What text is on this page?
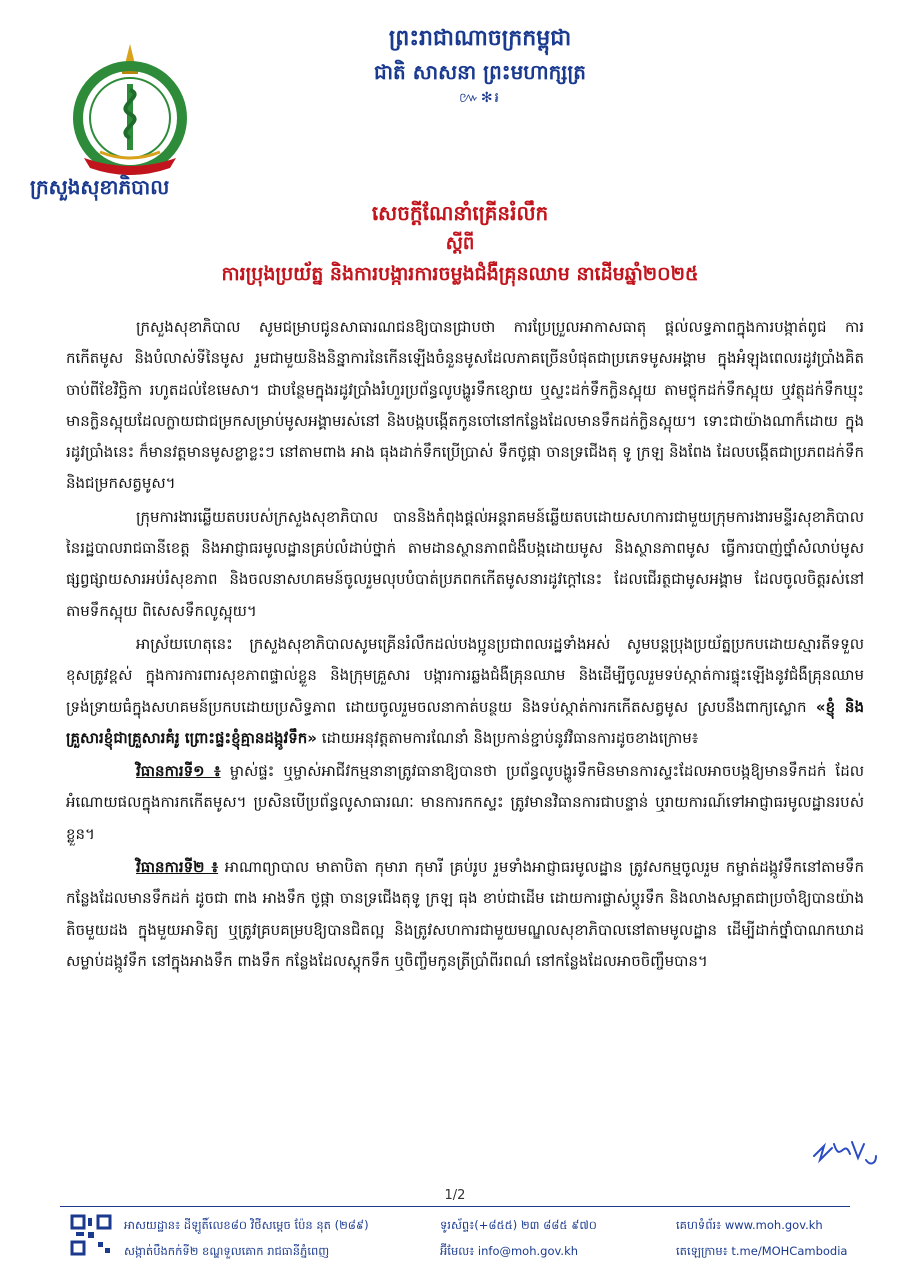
ព្រះរាជាណាចក្រកម្ពុជា
ជាតិ សាសនា ព្រះមហាក្សត្រ
៚✻៛
ក្រសួងសុខាភិបាល
សេចក្ដីណែនាំគ្រើនរំលឹក
ស្ដីពី
ការប្រុងប្រយ័ត្ន និងការបង្ការការចម្លងជំងឺគ្រុនឈាម នាដើមឆ្នាំ២០២៥

ក្រសួងសុខាភិបាល សូមជម្រាបជូនសាធារណជនឱ្យបានជ្រាបថា ការប្រែប្រួលអាកាសធាតុ ផ្ដល់លទ្ធភាពក្នុងការបង្កាត់ពូជ ការកកើតមូស និងបំលាស់ទីនៃមូស រួមជាមួយនិងនិន្នាការនៃកើនឡើងចំនួនមូសដែលភាគច្រើនបំផុតជាប្រភេទមូសអង្គាម ក្នុងអំឡុងពេលរដូវប្រាំងគិតចាប់ពីខែវិច្ឆិកា រហូតដល់ខែមេសា។ ជាបន្ថែមក្នុងរដូវប្រាំងរំហួរប្រព័ន្ធលូបង្ហូរទឹកខ្សោយ ឬស្ទះដក់ទឹកក្លិនស្អុយ តាមថ្លុកដក់ទឹកស្អុយ ឬវត្ថុដក់ទឹកឃ្មុះមានក្លិនស្អុយដែលក្លាយជាជម្រកសម្រាប់មូសអង្គាមរស់នៅ និងបង្កបង្កើតកូនចៅនៅកន្លែងដែលមានទឹកដក់ក្លិនស្អុយ។ ទោះជាយ៉ាងណាក៏ដោយ ក្នុងរដូវប្រាំងនេះ ក៏មានវត្តមានមូសខ្លាខ្លះៗ នៅតាមពាង អាង ធុងដាក់ទឹកប្រើប្រាស់ ទឹកថូផ្កា ចានទ្រជើងតុ ទូ ក្រឡ និងពែង ដែលបង្កើតជាប្រភពដក់ទឹក និងជម្រកសត្វមូស។

ក្រុមការងារឆ្លើយតបរបស់ក្រសួងសុខាភិបាល បាននិងកំពុងផ្ដល់អន្តរាគមន៍ឆ្លើយតបដោយសហការជាមួយក្រុមការងារមន្ទីរសុខាភិបាលនៃរដ្ឋបាលរាជធានីខេត្ត និងអាជ្ញាធរមូលដ្ឋានគ្រប់លំដាប់ថ្នាក់ តាមដានស្ថានភាពជំងឺបង្កដោយមូស និងស្ថានភាពមូស ធ្វើការបាញ់ថ្នាំសំលាប់មូស ផ្សព្វផ្សាយសារអប់រំសុខភាព និងចលនាសហគមន៍ចូលរួមលុបបំបាត់ប្រភពកកើតមូសនារដូវក្ដៅនេះ ដែលជើរត្ថជាមូសអង្គាម ដែលចូលចិត្តរស់នៅតាមទឹកស្អុយ ពិសេសទឹកលូស្អុយ។

អាស្រ័យហេតុនេះ ក្រសួងសុខាភិបាលសូមគ្រើនរំលឹកដល់បងប្អូនប្រជាពលរដ្ឋទាំងអស់ សូមបន្តប្រុងប្រយ័ត្នប្រកបដោយស្មារតីទទួលខុសត្រូវខ្ពស់ ក្នុងការការពារសុខភាពផ្ទាល់ខ្លួន និងក្រុមគ្រួសារ បង្ការការឆ្លងជំងឺគ្រុនឈាម និងដើម្បីចូលរួមទប់ស្កាត់ការផ្ទុះឡើងនូវជំងឺគ្រុនឈាមទ្រង់ទ្រាយធំក្នុងសហគមន៍ប្រកបដោយប្រសិទ្ធភាព ដោយចូលរួមចលនាកាត់បន្ថយ និងទប់ស្កាត់ការកកើតសត្វមូស ស្របនឹងពាក្យស្លោក «ខ្ញុំ និងគ្រួសារខ្ញុំជាគ្រួសារគំរូ ព្រោះផ្ទះខ្ញុំគ្មានដង្កូវទឹក» ដោយអនុវត្តតាមការណែនាំ និងប្រកាន់ខ្ជាប់នូវវិធានការដូចខាងក្រោម៖

វិធានការទី១ ៖ ម្ចាស់ផ្ទះ ឬម្ចាស់អាជីវកម្មនានាត្រូវធានាឱ្យបានថា ប្រព័ន្ធលូបង្ហូរទឹកមិនមានការស្ទះដែលអាចបង្កឱ្យមានទឹកដក់ ដែលអំណោយផលក្នុងការកកើតមូស។ ប្រសិនបើប្រព័ន្ធលូសាធារណៈ មានការកកស្ទះ ត្រូវមានវិធានការជាបន្ទាន់ ឬរាយការណ៍ទៅអាជ្ញាធរមូលដ្ឋានរបស់ខ្លួន។

វិធានការទី២ ៖ អាណាព្យាបាល មាតាបិតា កុមារា កុមារី គ្រប់រូប រួមទាំងអាជ្ញាធរមូលដ្ឋាន ត្រូវសកម្មចូលរួម កម្ចាត់ដង្កូវទឹកនៅតាមទឹកកន្លែងដែលមានទឹកដក់ ដូចជា ពាង អាងទឹក ថូផ្កា ចានទ្រជើងតុទូ ក្រឡ ធុង ខាប់ជាដើម ដោយការផ្លាស់ប្ដូរទឹក និងលាងសម្អាតជាប្រចាំឱ្យបានយ៉ាងតិចមួយដង ក្នុងមួយអាទិត្យ ឬត្រូវគ្របគម្របឱ្យបានជិតល្អ និងត្រូវសហការជាមួយមណ្ឌលសុខាភិបាលនៅតាមមូលដ្ឋាន ដើម្បីដាក់ថ្នាំបាណកឃាដសម្លាប់ដង្កូវទឹក នៅក្នុងអាងទឹក ពាងទឹក កន្លែងដែលស្ដុកទឹក ឬចិញ្ចឹមកូនត្រីប្រាំពីរពណ៌ នៅកន្លែងដែលអាចចិញ្ចឹមបាន។

1/2
អាសយដ្ឋាន៖ ដីឡូតិ៍លេខ៨០ វិថីសម្ដេច ប៉ែន នុត (២៨៩)
សង្កាត់បឹងកក់ទី២ ខណ្ឌទួលគោក រាជធានីភ្នំពេញ
ទូរស័ព្ទ៖(+៨៥៥) ២៣ ៨៨៥ ៩៧០
អ៊ីមែល៖ info@moh.gov.kh
គេហទំព័រ៖ www.moh.gov.kh
តេឡេក្រាម៖ t.me/MOHCambodia
